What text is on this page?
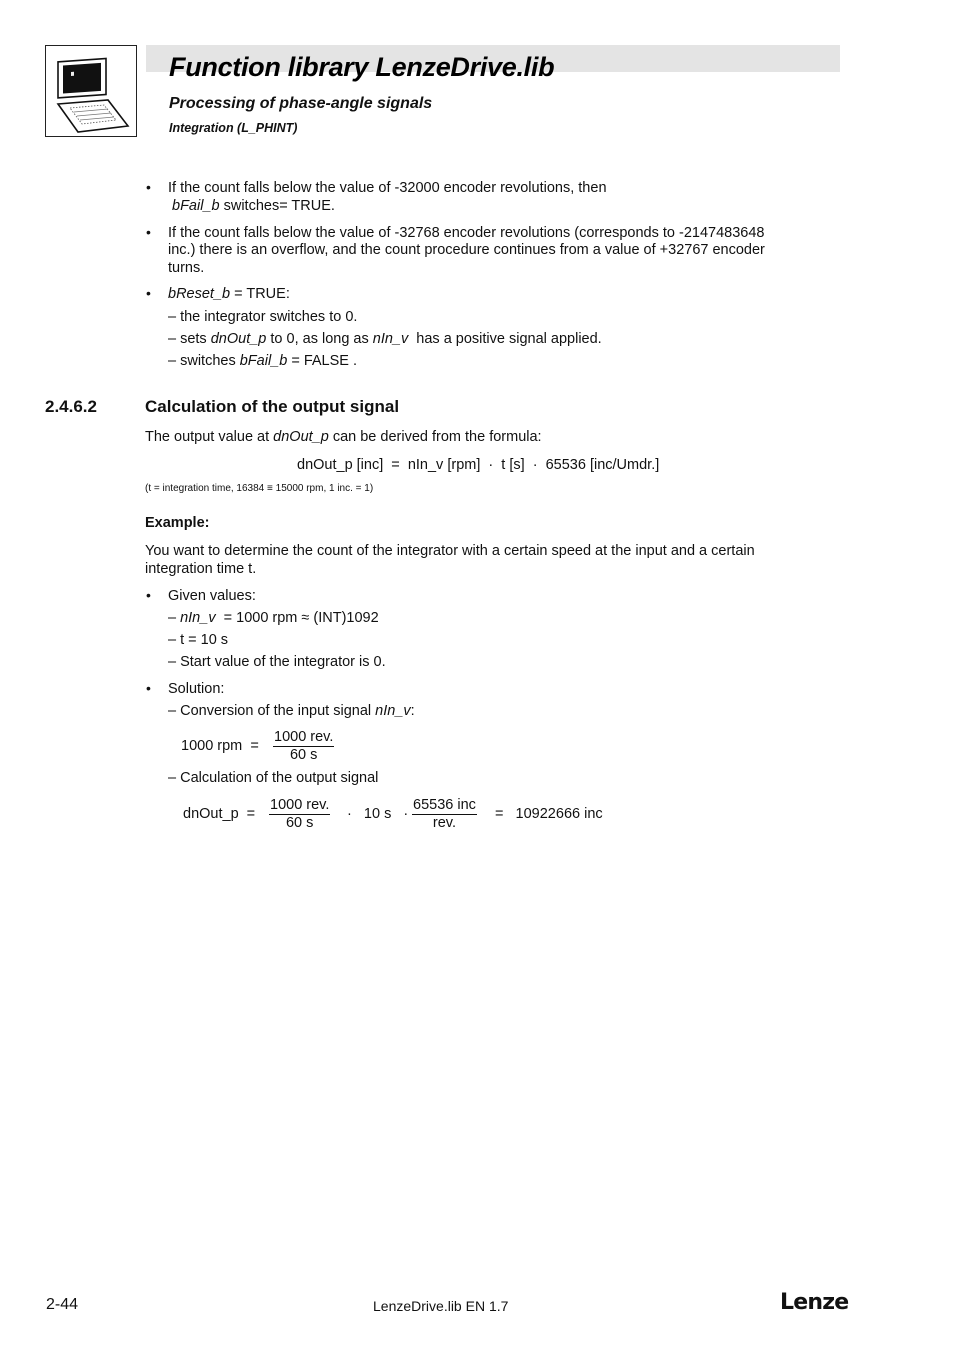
Function library LenzeDrive.lib
Processing of phase-angle signals
Integration (L_PHINT)
• If the count falls below the value of -32000 encoder revolutions, then
bFail_b switches= TRUE.
• If the count falls below the value of -32768 encoder revolutions (corresponds to -2147483648
inc.) there is an overflow, and the count procedure continues from a value of +32767 encoder
turns.
• bReset_b = TRUE:
– the integrator switches to 0.
– sets dnOut_p to 0, as long as nIn_v  has a positive signal applied.
– switches bFail_b = FALSE .
2.4.6.2	Calculation of the output signal
The output value at dnOut_p can be derived from the formula:
dnOut_p [inc]  =  nIn_v [rpm]  ·  t [s]  ·  65536 [inc/Umdr.]
(t = integration time, 16384 ≡ 15000 rpm, 1 inc. = 1)
Example:
You want to determine the count of the integrator with a certain speed at the input and a certain
integration time t.
• Given values:
– nIn_v  = 1000 rpm ≈ (INT)1092
– t = 10 s
– Start value of the integrator is 0.
• Solution:
– Conversion of the input signal nIn_v:
1000 rpm  =
1000 rev.
60 s
– Calculation of the output signal
dnOut_p  =
1000 rev.
60 s
·   10 s   ·
65536 inc
rev.
=   10922666 inc
2-44	LenzeDrive.lib EN 1.7	Lenze
